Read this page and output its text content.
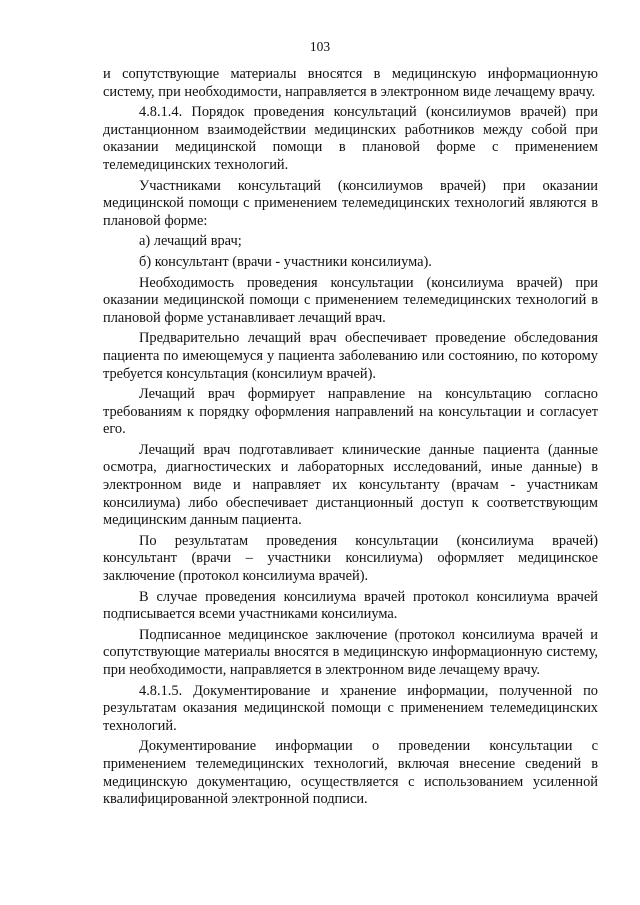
103

и сопутствующие материалы вносятся в медицинскую информационную систему, при необходимости, направляется в электронном виде лечащему врачу.

4.8.1.4. Порядок проведения консультаций (консилиумов врачей) при дистанционном взаимодействии медицинских работников между собой при оказании медицинской помощи в плановой форме с применением телемедицинских технологий.

Участниками консультаций (консилиумов врачей) при оказании медицинской помощи с применением телемедицинских технологий являются в плановой форме:

а) лечащий врач;

б) консультант (врачи - участники консилиума).

Необходимость проведения консультации (консилиума врачей) при оказании медицинской помощи с применением телемедицинских технологий в плановой форме устанавливает лечащий врач.

Предварительно лечащий врач обеспечивает проведение обследования пациента по имеющемуся у пациента заболеванию или состоянию, по которому требуется консультация (консилиум врачей).

Лечащий врач формирует направление на консультацию согласно требованиям к порядку оформления направлений на консультации и согласует его.

Лечащий врач подготавливает клинические данные пациента (данные осмотра, диагностических и лабораторных исследований, иные данные) в электронном виде и направляет их консультанту (врачам - участникам консилиума) либо обеспечивает дистанционный доступ к соответствующим медицинским данным пациента.

По результатам проведения консультации (консилиума врачей) консультант (врачи – участники консилиума) оформляет медицинское заключение (протокол консилиума врачей).

В случае проведения консилиума врачей протокол консилиума врачей подписывается всеми участниками консилиума.

Подписанное медицинское заключение (протокол консилиума врачей и сопутствующие материалы вносятся в медицинскую информационную систему, при необходимости, направляется в электронном виде лечащему врачу.

4.8.1.5. Документирование и хранение информации, полученной по результатам оказания медицинской помощи с применением телемедицинских технологий.

Документирование информации о проведении консультации с применением телемедицинских технологий, включая внесение сведений в медицинскую документацию, осуществляется с использованием усиленной квалифицированной электронной подписи.
